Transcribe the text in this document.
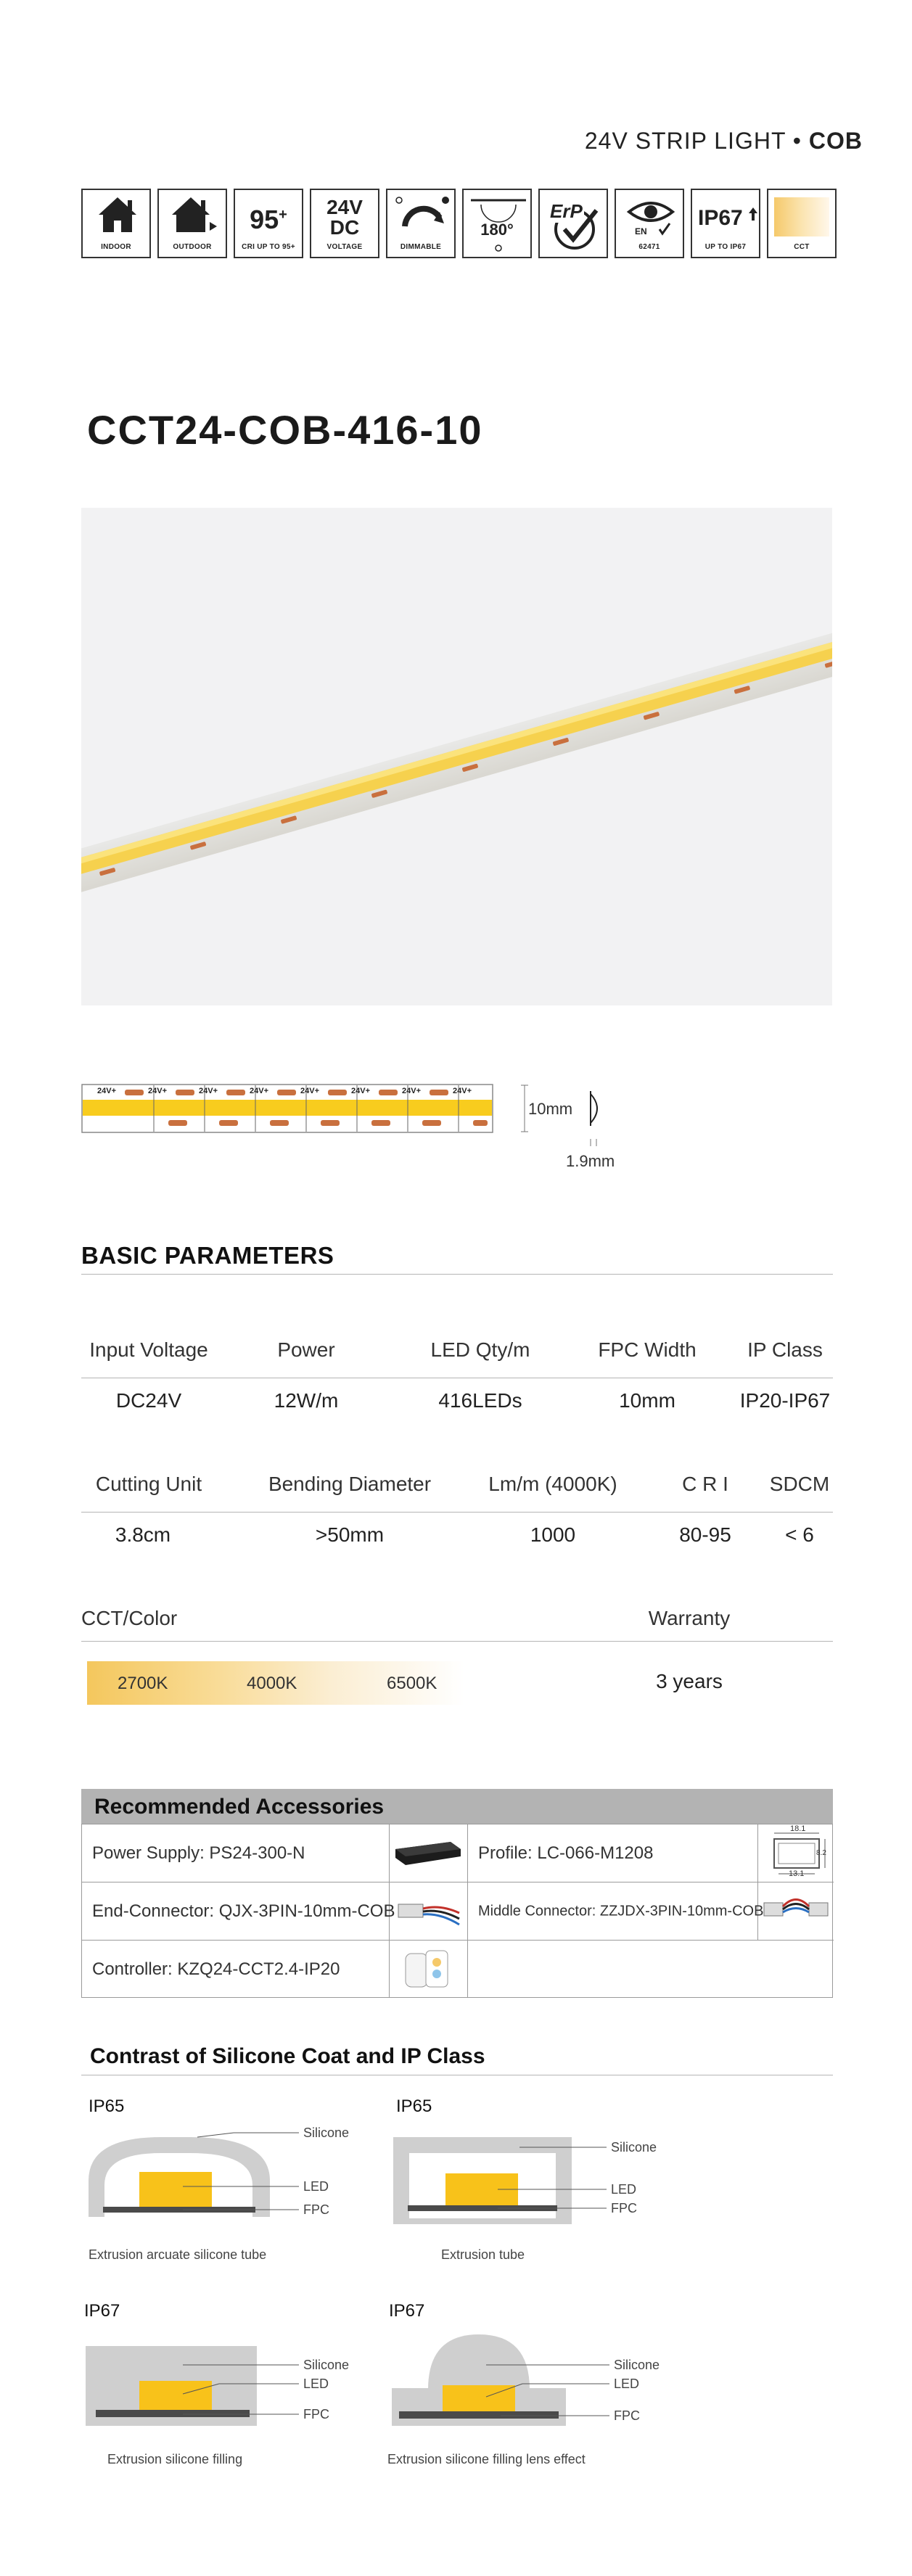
24V STRIP LIGHT • COB
INDOOR	OUTDOOR
95+
CRI UP TO 95+
24V
DC
VOLTAGE	DIMMABLE
180°
ErP
EN
62471
IP67
UP TO IP67	CCT
CCT24-COB-416-10
24V+	24V+	24V+	24V+	24V+	24V+	24V+	24V+
10mm
1.9mm
BASIC PARAMETERS
Input Voltage	Power	LED Qty/m	FPC Width	IP Class
DC24V	12W/m	416LEDs	10mm	IP20-IP67
Cutting Unit	Bending Diameter	Lm/m (4000K)	C R I	SDCM
3.8cm	>50mm	1000	80-95	< 6
CCT/Color	Warranty
2700K	4000K	6500K	3 years
Recommended Accessories
Power Supply: PS24-300-N	Profile: LC-066-M1208
18.1
13.1
8.2
End-Connector: QJX-3PIN-10mm-COB	Middle Connector: ZZJDX-3PIN-10mm-COB
Controller: KZQ24-CCT2.4-IP20
Contrast of Silicone Coat and IP Class
IP65
Silicone
LED
FPC
Extrusion arcuate silicone tube
IP65
Silicone
LED
FPC
Extrusion tube
IP67
Silicone
LED
FPC
Extrusion silicone filling
IP67
Silicone
LED
FPC
Extrusion silicone filling lens effect
